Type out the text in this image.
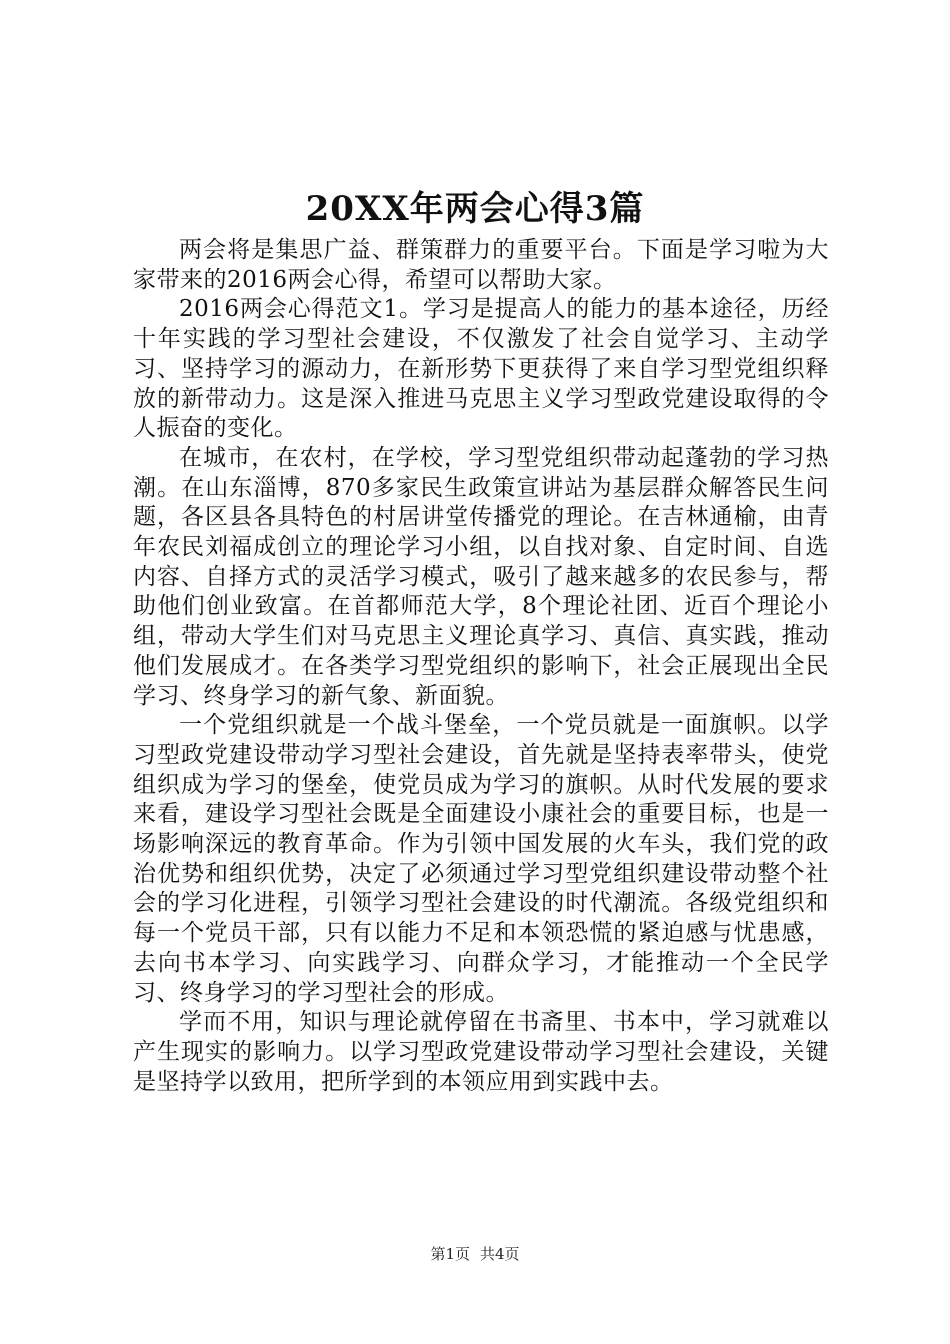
20XX年两会心得3篇

两会将是集思广益、群策群力的重要平台。下面是学习啦为大家带来的2016两会心得，希望可以帮助大家。

2016两会心得范文1。学习是提高人的能力的基本途径，历经十年实践的学习型社会建设，不仅激发了社会自觉学习、主动学习、坚持学习的源动力，在新形势下更获得了来自学习型党组织释放的新带动力。这是深入推进马克思主义学习型政党建设取得的令人振奋的变化。

在城市，在农村，在学校，学习型党组织带动起蓬勃的学习热潮。在山东淄博，870多家民生政策宣讲站为基层群众解答民生问题，各区县各具特色的村居讲堂传播党的理论。在吉林通榆，由青年农民刘福成创立的理论学习小组，以自找对象、自定时间、自选内容、自择方式的灵活学习模式，吸引了越来越多的农民参与，帮助他们创业致富。在首都师范大学，8个理论社团、近百个理论小组，带动大学生们对马克思主义理论真学习、真信、真实践，推动他们发展成才。在各类学习型党组织的影响下，社会正展现出全民学习、终身学习的新气象、新面貌。

一个党组织就是一个战斗堡垒，一个党员就是一面旗帜。以学习型政党建设带动学习型社会建设，首先就是坚持表率带头，使党组织成为学习的堡垒，使党员成为学习的旗帜。从时代发展的要求来看，建设学习型社会既是全面建设小康社会的重要目标，也是一场影响深远的教育革命。作为引领中国发展的火车头，我们党的政治优势和组织优势，决定了必须通过学习型党组织建设带动整个社会的学习化进程，引领学习型社会建设的时代潮流。各级党组织和每一个党员干部，只有以能力不足和本领恐慌的紧迫感与忧患感，去向书本学习、向实践学习、向群众学习，才能推动一个全民学习、终身学习的学习型社会的形成。

学而不用，知识与理论就停留在书斋里、书本中，学习就难以产生现实的影响力。以学习型政党建设带动学习型社会建设，关键是坚持学以致用，把所学到的本领应用到实践中去。

第1页 共4页
